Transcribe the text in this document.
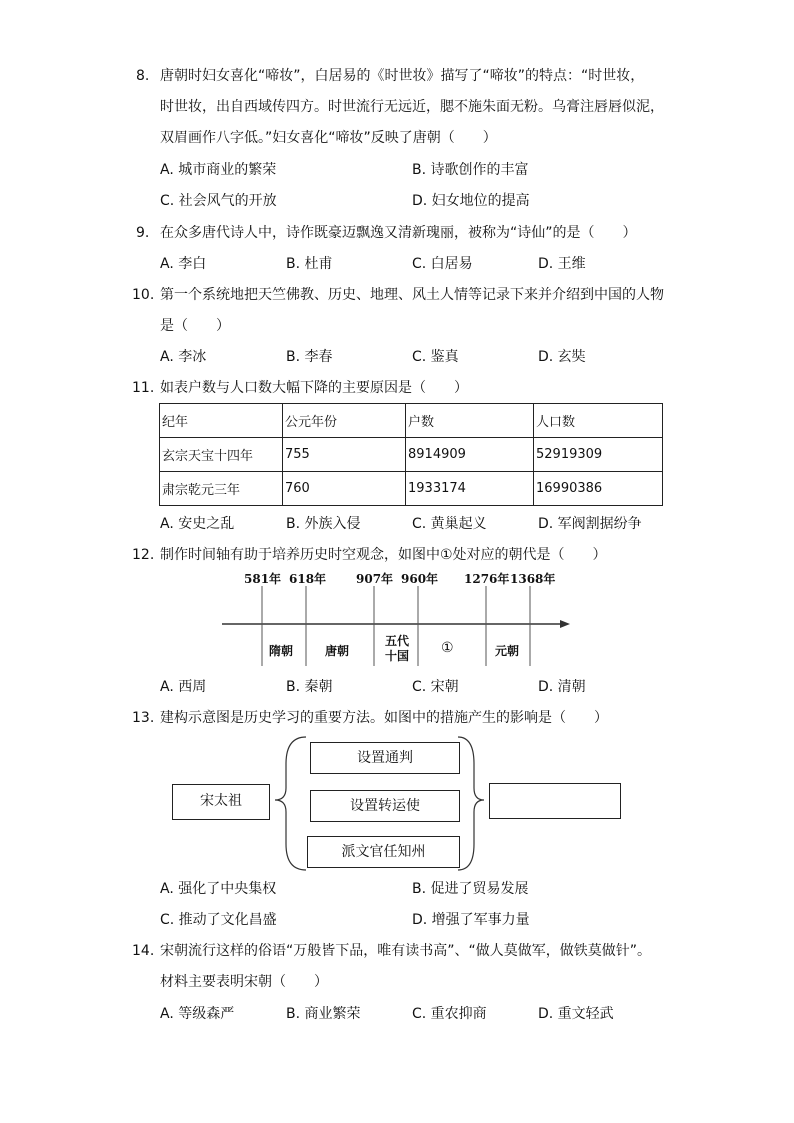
8. 唐朝时妇女喜化“啼妆”，白居易的《时世妆》描写了“啼妆”的特点：“时世妆，
时世妆，出自西域传四方。时世流行无远近，腮不施朱面无粉。乌膏注唇唇似泥，
双眉画作八字低。”妇女喜化“啼妆”反映了唐朝（　　）
A. 城市商业的繁荣	B. 诗歌创作的丰富
C. 社会风气的开放	D. 妇女地位的提高
9. 在众多唐代诗人中，诗作既豪迈飘逸又清新瑰丽，被称为“诗仙”的是（　　）
A. 李白	B. 杜甫	C. 白居易	D. 王维
10. 第一个系统地把天竺佛教、历史、地理、风土人情等记录下来并介绍到中国的人物
是（　　）
A. 李冰	B. 李春	C. 鉴真	D. 玄奘
11. 如表户数与人口数大幅下降的主要原因是（　　）
纪年	公元年份	户数	人口数
玄宗天宝十四年	755	8914909	52919309
肃宗乾元三年	760	1933174	16990386
A. 安史之乱	B. 外族入侵	C. 黄巢起义	D. 军阀割据纷争
12. 制作时间轴有助于培养历史时空观念，如图中①处对应的朝代是（　　）
581年 618年 907年 960年 1276年 1368年
隋朝	唐朝
五代十国 ①	元朝
A. 西周	B. 秦朝	C. 宋朝	D. 清朝
13. 建构示意图是历史学习的重要方法。如图中的措施产生的影响是（　　）
宋太祖
设置通判
设置转运使
派文官任知州
A. 强化了中央集权	B. 促进了贸易发展
C. 推动了文化昌盛	D. 增强了军事力量
14. 宋朝流行这样的俗语“万般皆下品，唯有读书高”、“做人莫做军，做铁莫做针”。
材料主要表明宋朝（　　）
A. 等级森严	B. 商业繁荣	C. 重农抑商	D. 重文轻武
